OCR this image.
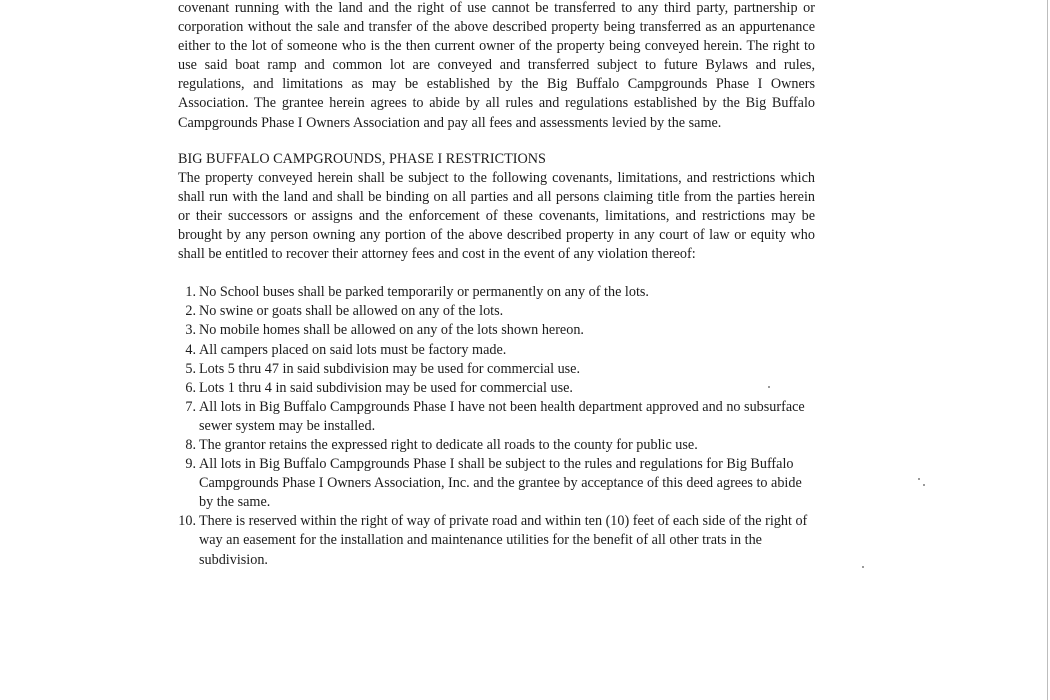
covenant running with the land and the right of use cannot be transferred to any third party, partnership or corporation without the sale and transfer of the above described property being transferred as an appurtenance either to the lot of someone who is the then current owner of the property being conveyed herein. The right to use said boat ramp and common lot are conveyed and transferred subject to future Bylaws and rules, regulations, and limitations as may be established by the Big Buffalo Campgrounds Phase I Owners Association. The grantee herein agrees to abide by all rules and regulations established by the Big Buffalo Campgrounds Phase I Owners Association and pay all fees and assessments levied by the same.

BIG BUFFALO CAMPGROUNDS, PHASE I RESTRICTIONS

The property conveyed herein shall be subject to the following covenants, limitations, and restrictions which shall run with the land and shall be binding on all parties and all persons claiming title from the parties herein or their successors or assigns and the enforcement of these covenants, limitations, and restrictions may be brought by any person owning any portion of the above described property in any court of law or equity who shall be entitled to recover their attorney fees and cost in the event of any violation thereof:

1. No School buses shall be parked temporarily or permanently on any of the lots.
2. No swine or goats shall be allowed on any of the lots.
3. No mobile homes shall be allowed on any of the lots shown hereon.
4. All campers placed on said lots must be factory made.
5. Lots 5 thru 47 in said subdivision may be used for commercial use.
6. Lots 1 thru 4 in said subdivision may be used for commercial use.
7. All lots in Big Buffalo Campgrounds Phase I have not been health department approved and no subsurface sewer system may be installed.
8. The grantor retains the expressed right to dedicate all roads to the county for public use.
9. All lots in Big Buffalo Campgrounds Phase I shall be subject to the rules and regulations for Big Buffalo Campgrounds Phase I Owners Association, Inc. and the grantee by acceptance of this deed agrees to abide by the same.
10. There is reserved within the right of way of private road and within ten (10) feet of each side of the right of way an easement for the installation and maintenance utilities for the benefit of all other trats in the subdivision.
